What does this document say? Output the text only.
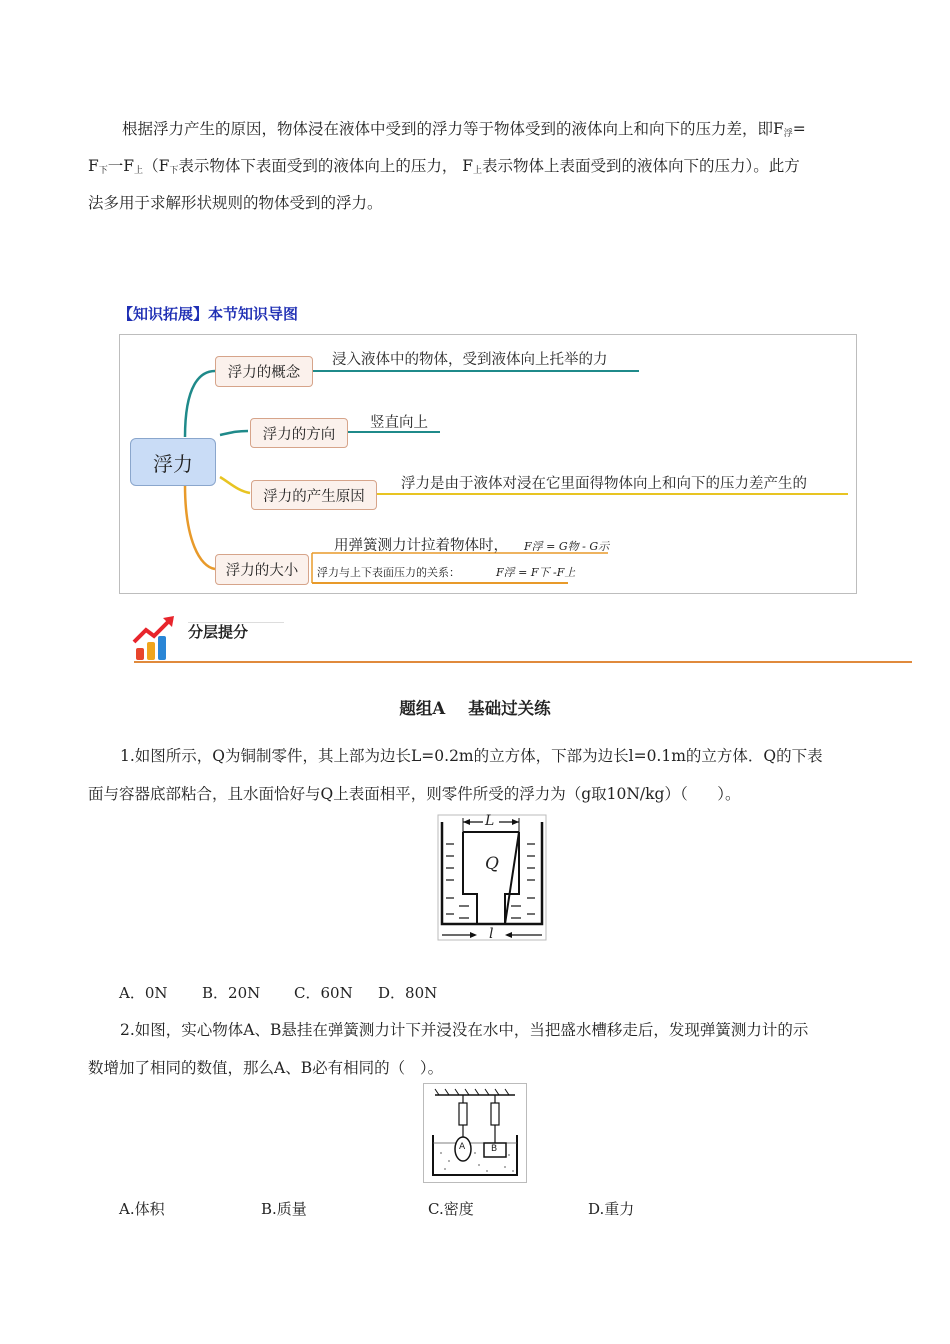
根据浮力产生的原因，物体浸在液体中受到的浮力等于物体受到的液体向上和向下的压力差，即$F_浮=$

$F_下$一$F_上(F_下$表示物体下表面受到的液体向上的压力， $F_上$表示物体上表面受到的液体向下的压力）。此方

法多用于求解形状规则的物体受到的浮力。

【知识拓展】本节知识导图
浮力
浮力的概念
浸入液体中的物体，受到液体向上托举的力
浮力的方向
竖直向上
浮力的产生原因
浮力是由于液体对浸在它里面得物体向上和向下的压力差产生的
浮力的大小
用弹簧测力计拉着物体时， F浮 = G物 - G示
浮力与上下表面压力的关系：	F浮 = F下 -F上
分层提分
题组A    基础过关练

1.如图所示，Q为铜制零件，其上部为边长L=0.2m的立方体，下部为边长l=0.1m的立方体．Q的下表

面与容器底部粘合，且水面恰好与Q上表面相平，则零件所受的浮力为（g取10N/kg）（      ）。

L
Q
l
A．0N B．20N C．60N D．80N

2.如图，实心物体A、B悬挂在弹簧测力计下并浸没在水中，当把盛水槽移走后，发现弹簧测力计的示

数增加了相同的数值，那么A、B必有相同的（   ）。

A	B
A.体积	B.质量	C.密度	D.重力
